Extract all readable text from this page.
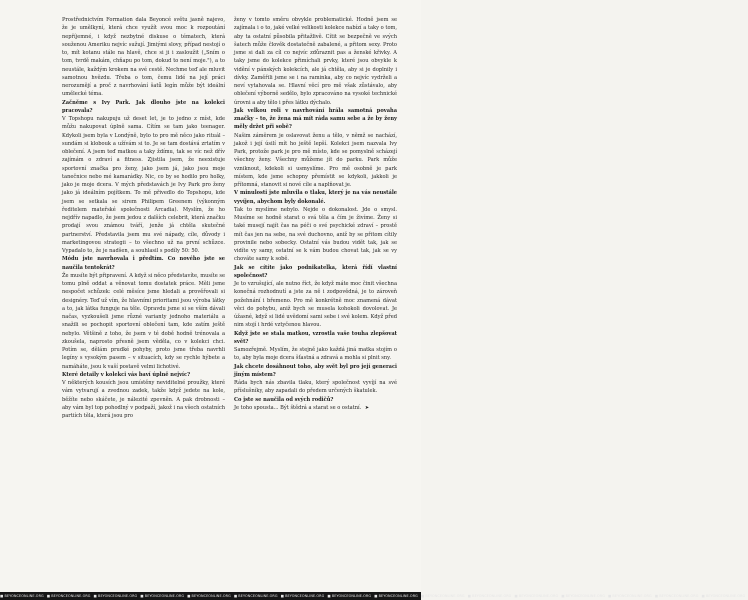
Prostřednictvím Formation dala Beyoncé světu jasně najevo, že je umělkyní, která chce využít svou moc k rozpoutání nepříjemné, i když nezbytné diskuse o tématech, která souženou Ameriku nejvíc sužují. Jimiými slovy, případ nestojí o to, mít kotanu stále na hlavě, chce si ji i zasloužit („Sním o tom, tvrdě makám, chňapu po tom, dokud to není moje."), a to neustále, každým krokem na své cestě. Nechme teď ale mluvit samotnou hvězdu. Třeba o tom, čemu lidé na její práci nerozumějí a proč z navrhování šatů legín může být ideální umělecké téma.

Začněme s Ivy Park. Jak dlouho jste na kolekci pracovala?

V Topshopu nakupuju už deset let, je to jedno z míst, kde můžu nakupovat úplně sama. Cítím se tam jako teenager. Kdykoli jsem byla v Londýně, bylo to pro mě něco jako rituál – sundám si klobouk a užívám si to. Je se tam dostává zrtatím v oblečení. A jsem teď matkou a taky ždímu, tak se víc než dřív zajímám o zdraví a fitness. Zjistila jsem, že neexistuje sportovní značka pro ženy, jako jsem já, jako jsou moje tanečnice nebo mé kamarádky. Nic, co by se hodilo pro holky, jako je moje dcera. V mých představách je Ivy Park pro ženy jako já ideálním pojítkem. To mě přivedlo do Topshopu, kde jsem se setkala se sirem Philipem Greenem (výkonným ředitelem mateřské společnosti Arcadia). Myslím, že ho nejdřív napadlo, že jsem jedou z dalších celebrit, která značku prodají svou známou tváří, jenže já chtěla skutečné partnerství. Představila jsem mu své nápady, cíle, důvody i marketingovou strategii – to všechno už na první schůzce. Vypadalo to, že je nadšen, a souhlasil s podíly 50: 50.

Módu jste navrhovala i předtím. Co nového jste se naučila tentokrát?

Že musíte být připravení. A když si něco představíte, musíte se tomu plně oddat a věnovat tomu dostatek práce. Měli jsme nespočet schůzek: celé měsíce jsme hledali a prověřovali si designéry. Teď už vím, že hlavními prioritami jsou výroba látky a to, jak látka funguje na těle. Opravdu jsme si se vším dávali načas, vyzkoušeli jsme různé varianty jednoho materiálu a snažili se pochopit sportovní oblečení tam, kde zatím ještě nebylo. Většině z toho, že jsem v té době hodně trénovala a zkoušela, naprosto přesně jsem věděla, co v kolekci chci. Potím se, dělám prudké pohyby, proto jsme třeba navrhli legíny s vysokým pasem – v situacích, kdy se rychle hýbete a namáháte, jsou k vaší postavě velmi lichotivé.

Které detaily v kolekci vás baví úplně nejvíc?

V některých kousích jsou umístěny neviditelné proužky, které vám vytvarují a zvednou zadek, takže když jedete na kole, běžíte nebo skáčete, je nálezité zpevněn. A pak drobnosti – aby vám byl top pohodlný v podpaží, jakož i na všech ostatních partiích těla, která jsou pro

ženy v tomto směru obvykle problematické. Hodně jsem se zajímala i o to, jaké velké velikosti kolekce nabízí a taky o tom, aby ta ostatní působila přitažlivě. Cítit se bezpečně ve svých šatech může člověk dostatečně zabalené, a přitom sexy. Proto jsme si dali za cíl co nejvíc zdůraznit pas a ženské křivky. A taky jsme do kolekce přimíchali prvky, které jsou obvykle k vidění v pánských kolekcích, ale já chtěla, aby si je doplnily i dívky. Zaměřili jsme se i na raminka, aby co nejvíc vydrželi a neví vytahovala se. Hlavní věcí pro mě však zůstávalo, aby oblečení výborně sedělo, bylo zpracováno na vysoké technické úrovni a aby tělo i přes látku dýchalo.

Jak velkou roli v navrhování hrála samotná povaha značky – to, že žena má mít ráda samu sebe a že by ženy měly držet při sobě?

Našim záměrem je oslavovat ženu a tělo, v němž se nachází, jakož i její úsilí mít ho ještě lepší. Kolekci jsem nazvala Ivy Park, protože park je pro mě místo, kde se pomyslně scházejí všechny ženy. Všechny můžeme jít do parku. Park může vzniknout, kdekoli si usmyslíme. Pro mě osobně je park místem, kde jsme schopny přemístit se kdykoli, jakkoli je přítomná, stanovit si nové cíle a naplňovat je.

V minulosti jste mluvila o tlaku, který je na vás neustále vyvíjen, abychom byly dokonalé.

Tak to myslíme nebylo. Nejde o dokonalost. Jde o smysl. Musíme se hodně starat o svá těla a čím je živíme. Ženy si také musejí najít čas na péči o své psychické zdraví – prostě mít čas jen na sebe, na své duchovno, aniž by se přitom cítily provinile nebo sobecky. Ostatní vás budou vidět tak, jak se vidíte vy samy, ostatní se k vám budou chovat tak, jak se vy chováte samy k sobě.

Jak se cítíte jako podnikatelka, která řídí vlastní společnost?

Je to vzrušující, ale nutno říct, že když máte moc činit všechna konečná rozhodnutí a jste za ně i zodpovědná, je to zároveň požehnání i břemeno. Pro mě konkrétně moc znamená dávat věci do pohybu, aniž bych se musela kohokoli dovolovat. Je úžasné, když si lidé uvědomí sami sebe i své kolem. Když před nim stojí i hrdé vztyčenou hlavou.

Když jste se stala matkou, vzrostla vaše touha zlepšovat svět?

Samozřejmě. Myslím, že stejně jako každá jiná matka stojím o to, aby byla moje dcera šťastná a zdravá a mohla si plnit sny.

Jak chcete dosáhnout toho, aby svět byl pro její generaci jiným místem?

Ráda bych nás zbavila tlaku, který společnost vyvíjí na své příslušníky, aby zapadali do předem určených škatulek.

Co jste se naučila od svých rodičů?

Je toho spousta... Být štědrá a starat se o ostatní. ➤

■ BEYONCEONLINE.ORG ■ BEYONCEONLINE.ORG ■ BEYONCEONLINE.ORG ■ BEYONCEONLINE.ORG ■ BEYONCEONLINE.ORG ■ BEYONCEONLINE.ORG ■ BEYONCEONLINE.ORG ■ BEYONCEONLINE.ORG ■ BEYONCEONLINE.ORG ■ BEYONCEONLINE.ORG ■ BEYONCEONLINE.ORG ■ BEYONCEONLINE.ORG ■ BEYONCEONLINE.ORG ■ BEYONCEONLINE.ORG ■ BEYONCEONLINE.ORG ■ BEYONCEONLINE.ORG
